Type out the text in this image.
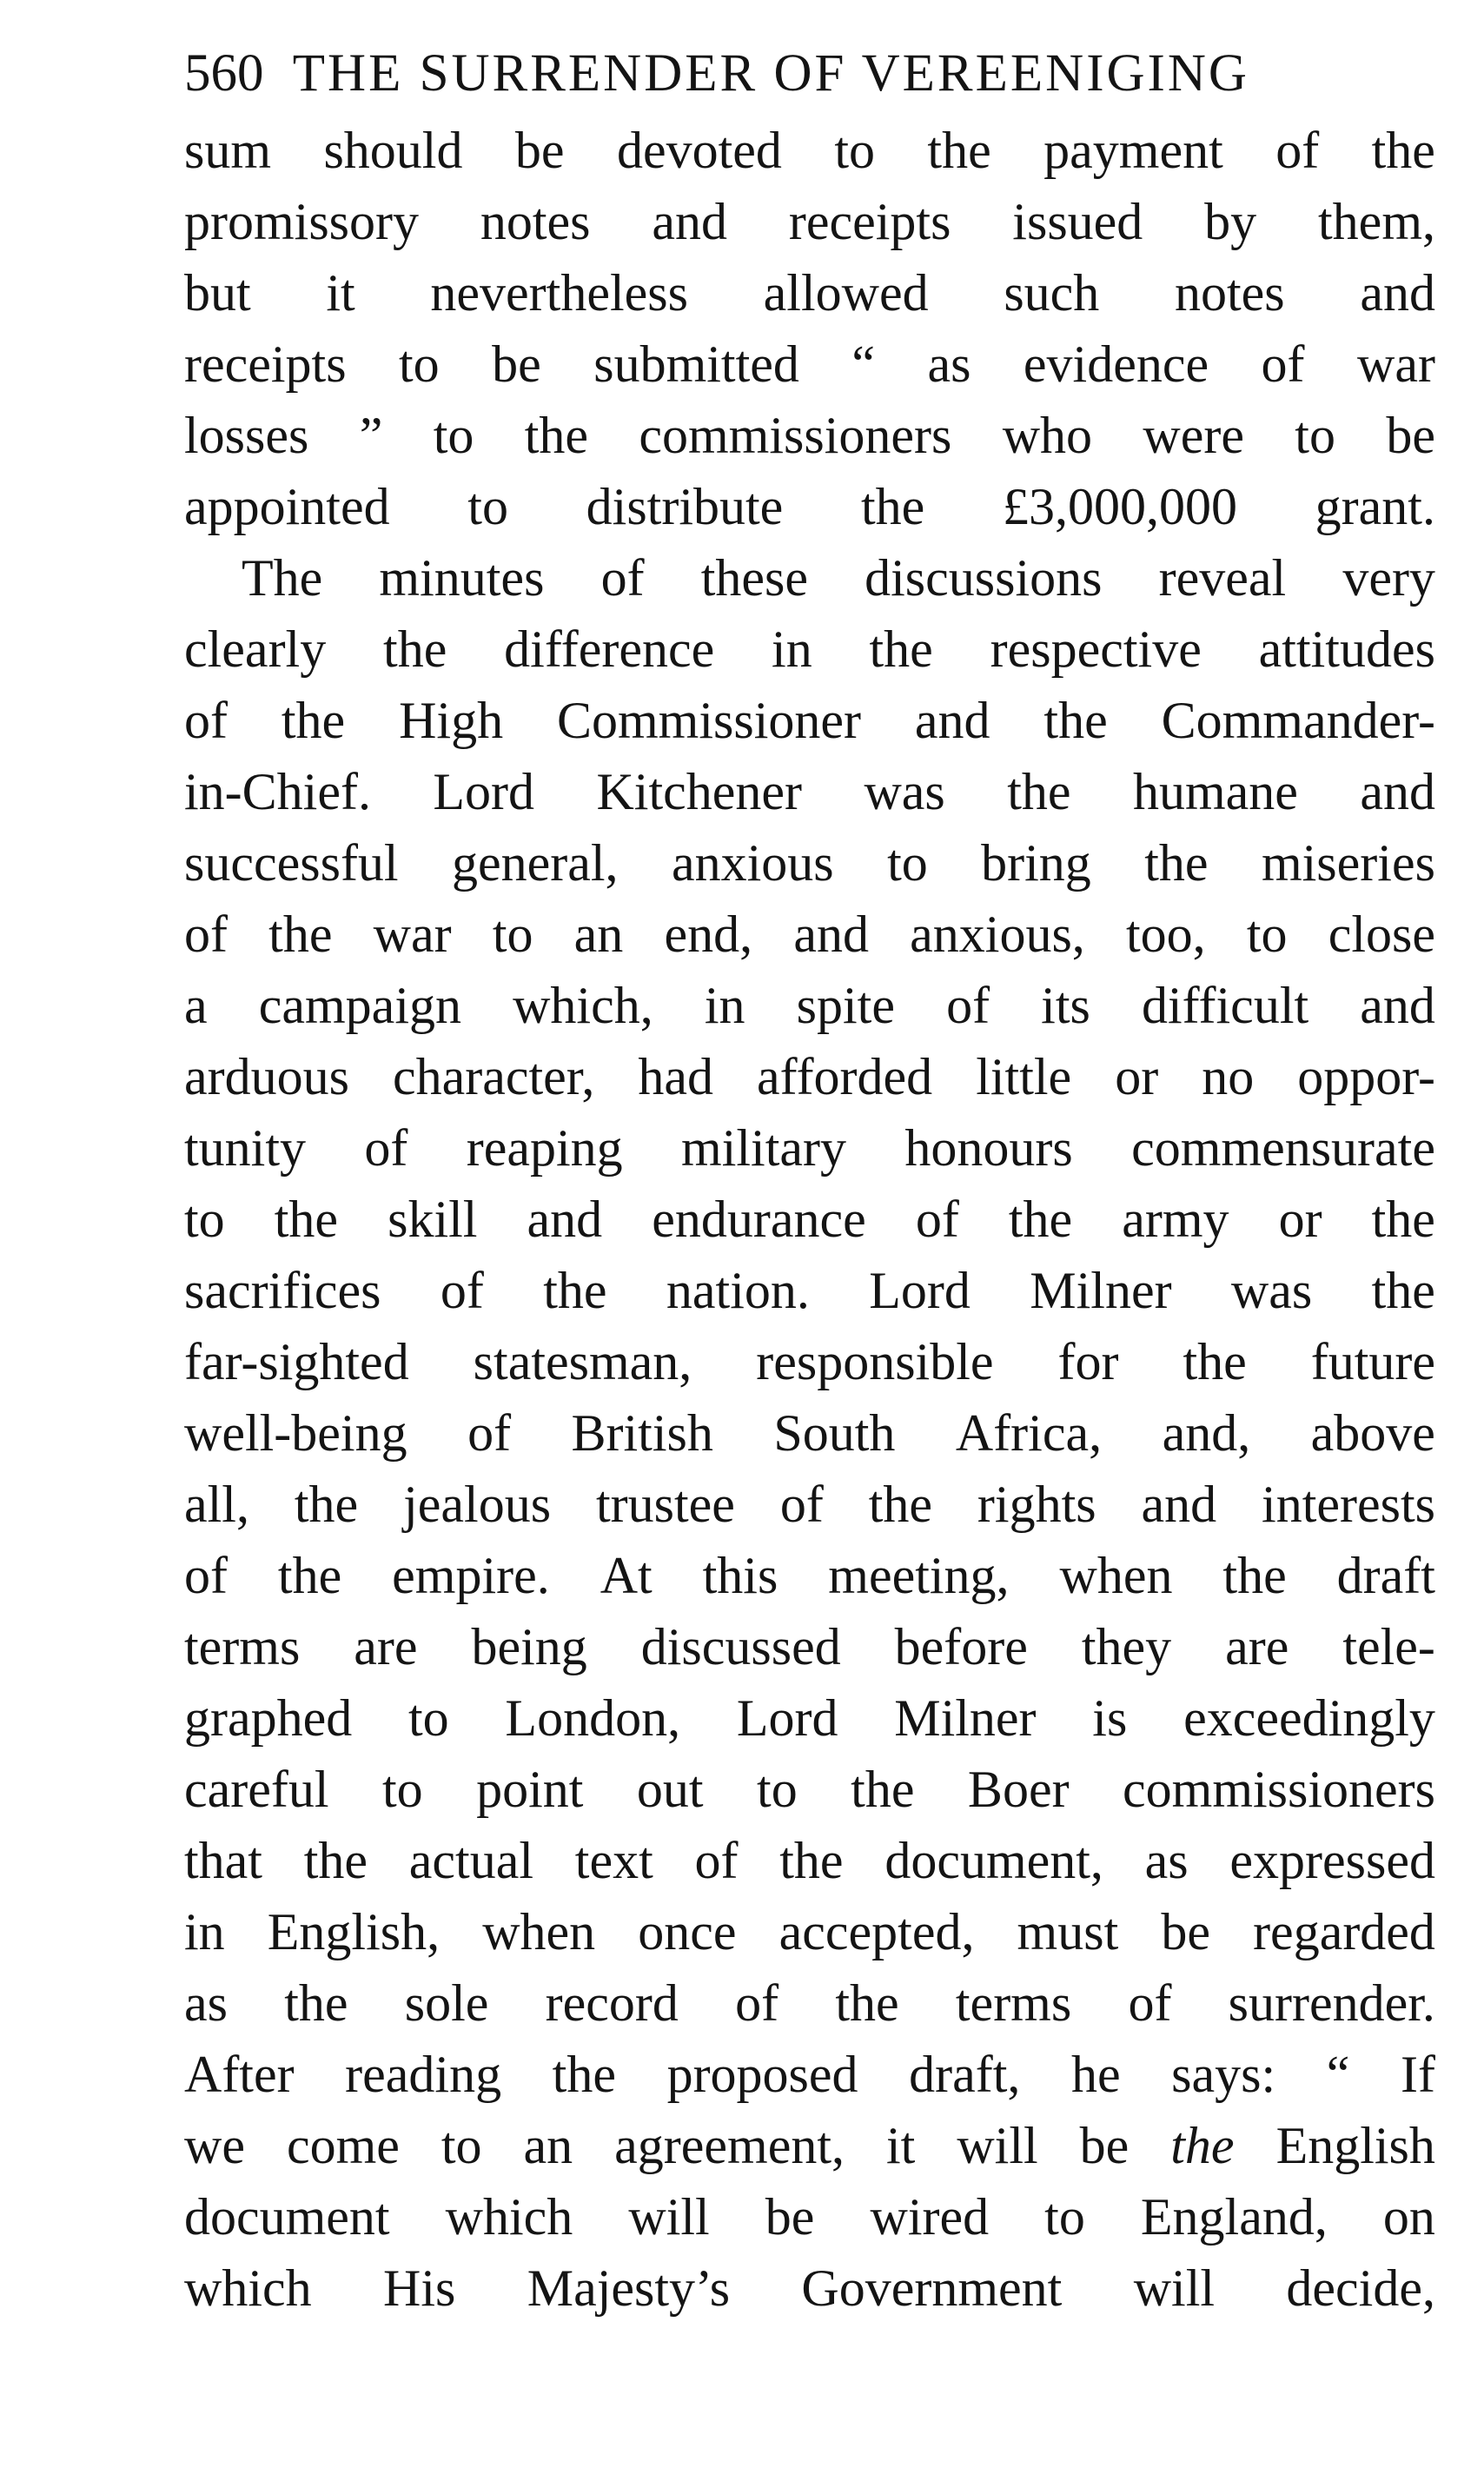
560 THE SURRENDER OF VEREENIGING
sum should be devoted to the payment of the
promissory notes and receipts issued by them,
but it nevertheless allowed such notes and
receipts to be submitted “ as evidence of war
losses ” to the commissioners who were to be
appointed to distribute the £3,000,000 grant.
The minutes of these discussions reveal very
clearly the difference in the respective attitudes
of the High Commissioner and the Commander-
in-Chief. Lord Kitchener was the humane and
successful general, anxious to bring the miseries
of the war to an end, and anxious, too, to close
a campaign which, in spite of its difficult and
arduous character, had afforded little or no oppor-
tunity of reaping military honours commensurate
to the skill and endurance of the army or the
sacrifices of the nation. Lord Milner was the
far-sighted statesman, responsible for the future
well-being of British South Africa, and, above
all, the jealous trustee of the rights and interests
of the empire. At this meeting, when the draft
terms are being discussed before they are tele-
graphed to London, Lord Milner is exceedingly
careful to point out to the Boer commissioners
that the actual text of the document, as expressed
in English, when once accepted, must be regarded
as the sole record of the terms of surrender.
After reading the proposed draft, he says: “ If
we come to an agreement, it will be the English
document which will be wired to England, on
which His Majesty’s Government will decide,
